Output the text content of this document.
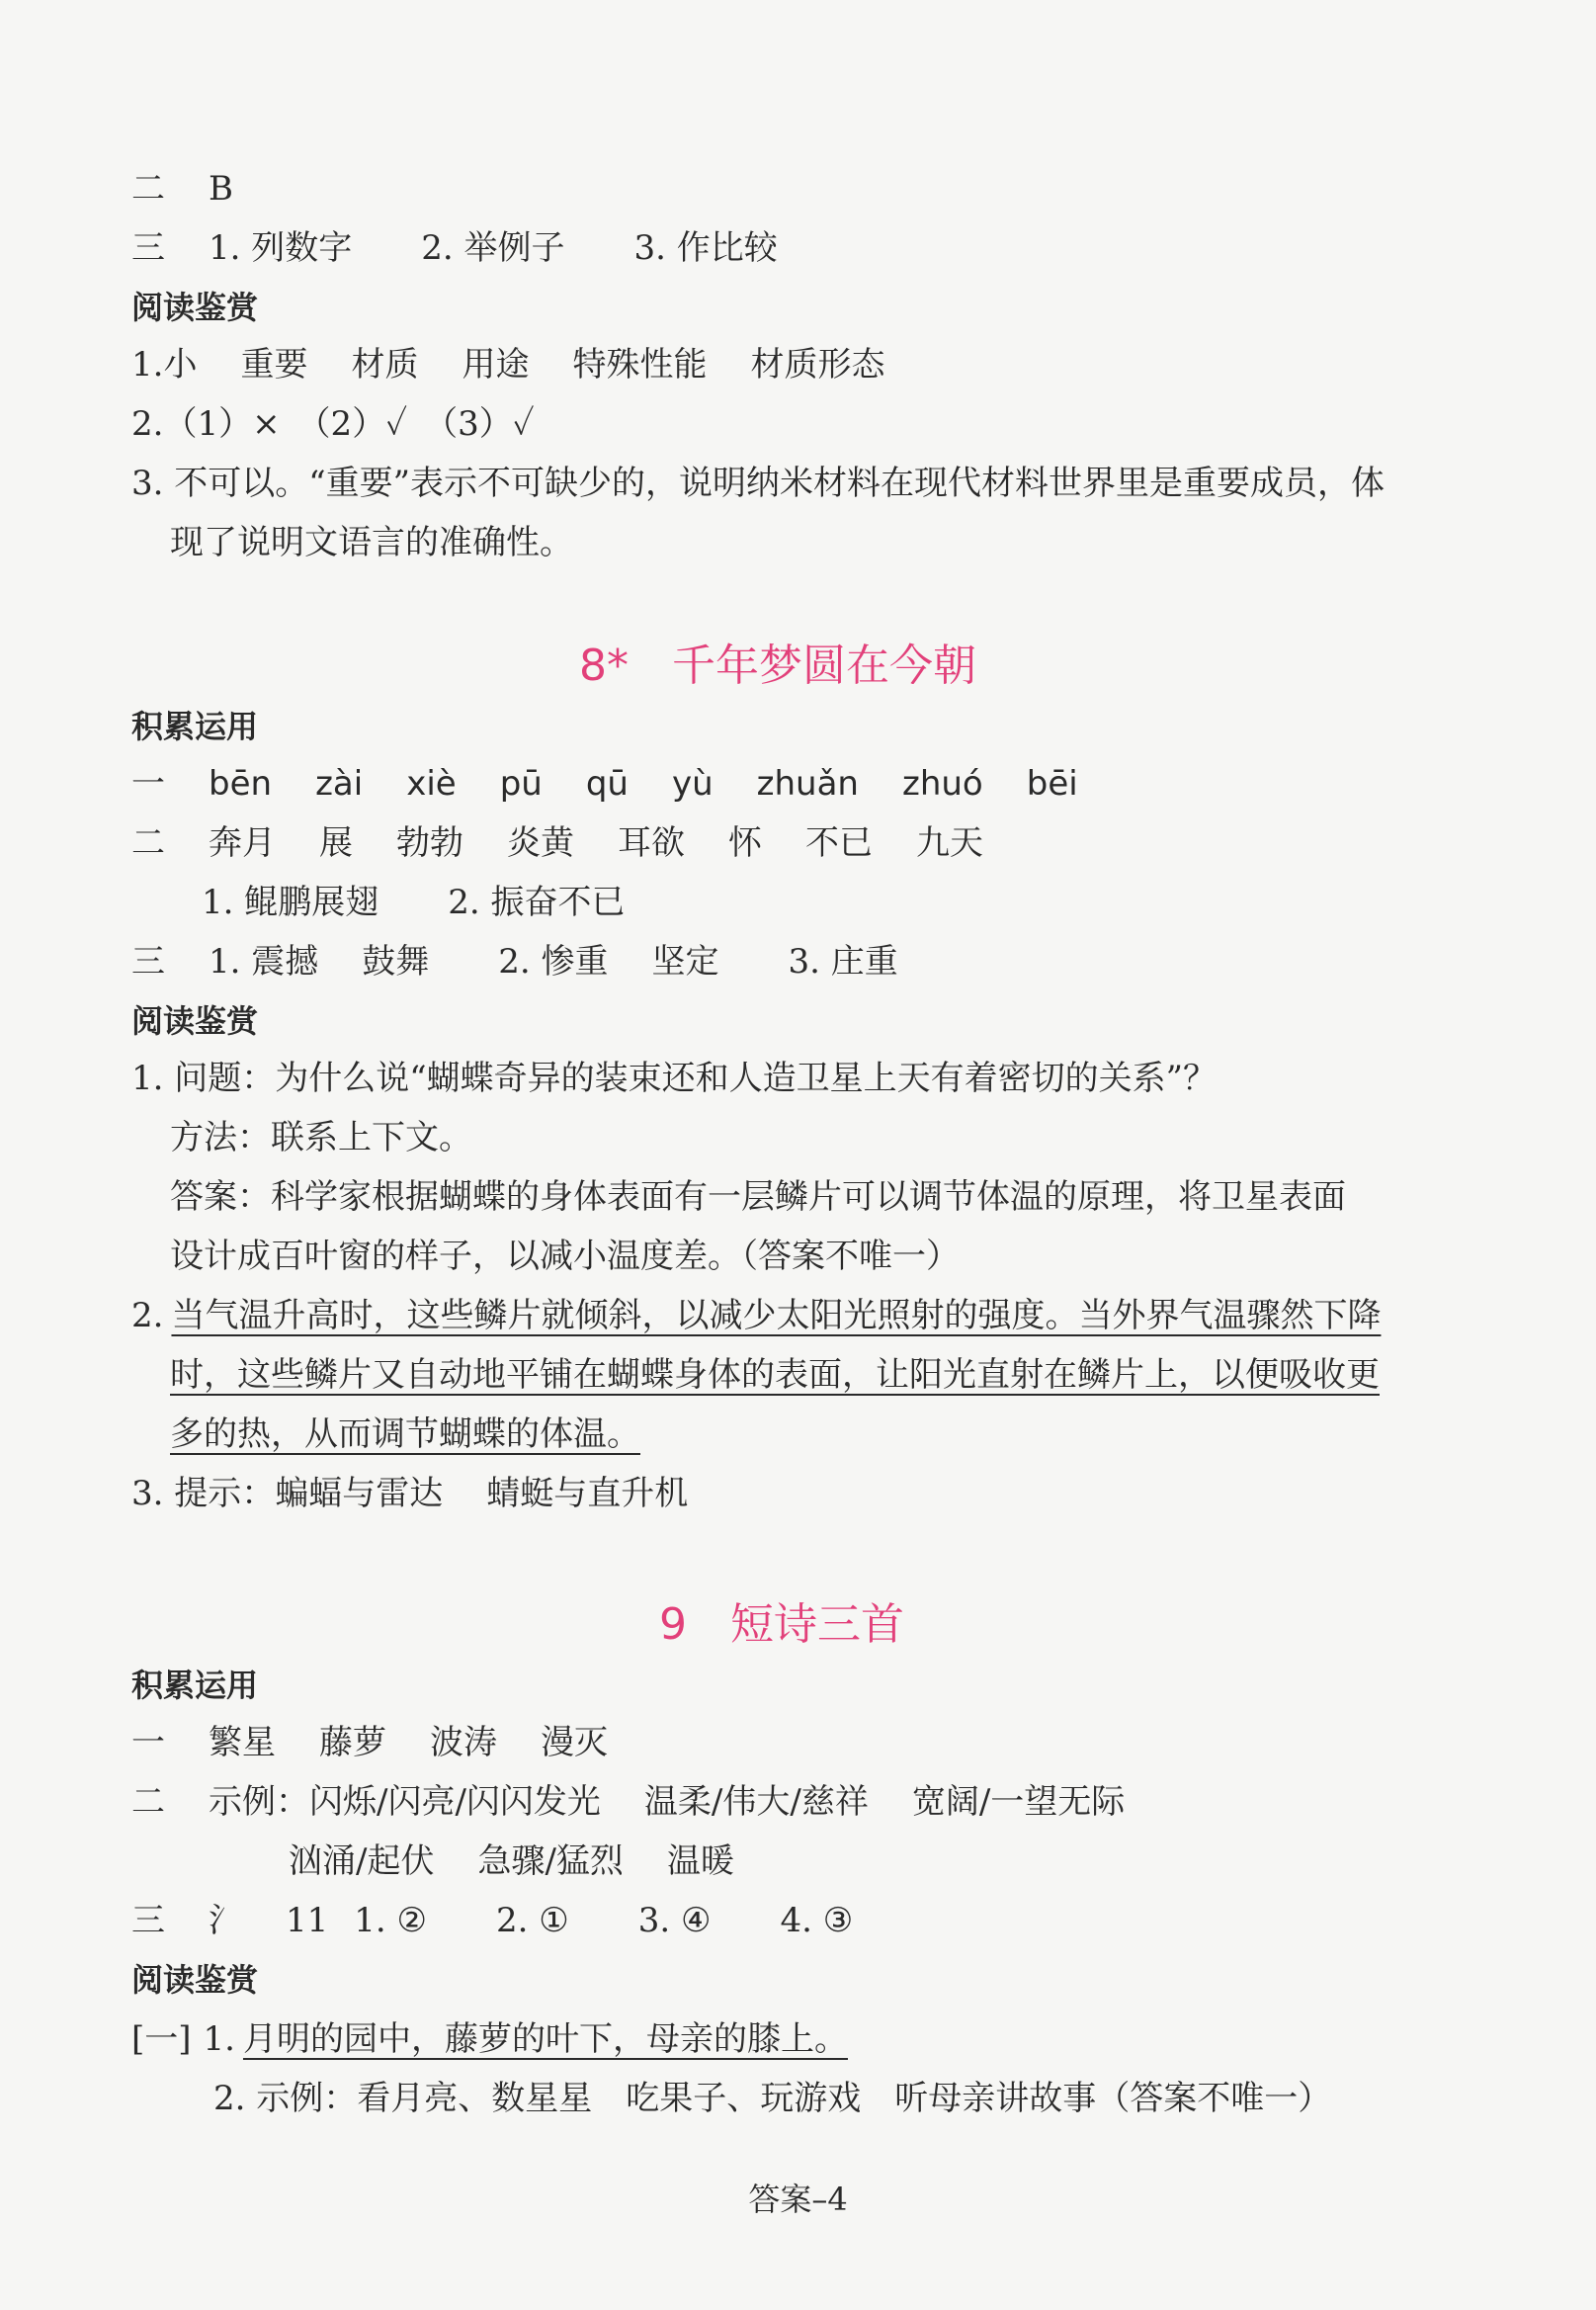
二 B
三 1. 列数字 2. 举例子 3. 作比较
阅读鉴赏
1.小 重要 材质 用途 特殊性能 材质形态
2.（1）×　（2）✓　（3）✓
3. 不可以。“重要”表示不可缺少的，说明纳米材料在现代材料世界里是重要成员，体
现了说明文语言的准确性。
8* 千年梦圆在今朝
积累运用
一 bēn zài xiè pū qū yù zhuǎn zhuó bēi
二 奔月 展 勃勃 炎黄 耳欲 怀 不已 九天
1. 鲲鹏展翅 2. 振奋不已
三 1. 震撼 鼓舞 2. 惨重 坚定 3. 庄重
阅读鉴赏
1. 问题：为什么说“蝴蝶奇异的装束还和人造卫星上天有着密切的关系”？
方法：联系上下文。
答案：科学家根据蝴蝶的身体表面有一层鳞片可以调节体温的原理，将卫星表面
设计成百叶窗的样子，以减小温度差。（答案不唯一）
2. 当气温升高时，这些鳞片就倾斜，以减少太阳光照射的强度。当外界气温骤然下降
时，这些鳞片又自动地平铺在蝴蝶身体的表面，让阳光直射在鳞片上，以便吸收更
多的热，从而调节蝴蝶的体温。
3. 提示：蝙蝠与雷达 蜻蜓与直升机
9 短诗三首
积累运用
一 繁星 藤萝 波涛 漫灭
二 示例：闪烁/闪亮/闪闪发光 温柔/伟大/慈祥 宽阔/一望无际
汹涌/起伏 急骤/猛烈 温暖
三 氵 11 1. ② 2. ① 3. ④ 4. ③
阅读鉴赏
[一] 1. 月明的园中，藤萝的叶下，母亲的膝上。
2. 示例：看月亮、数星星　吃果子、玩游戏　听母亲讲故事（答案不唯一）
答案–4
